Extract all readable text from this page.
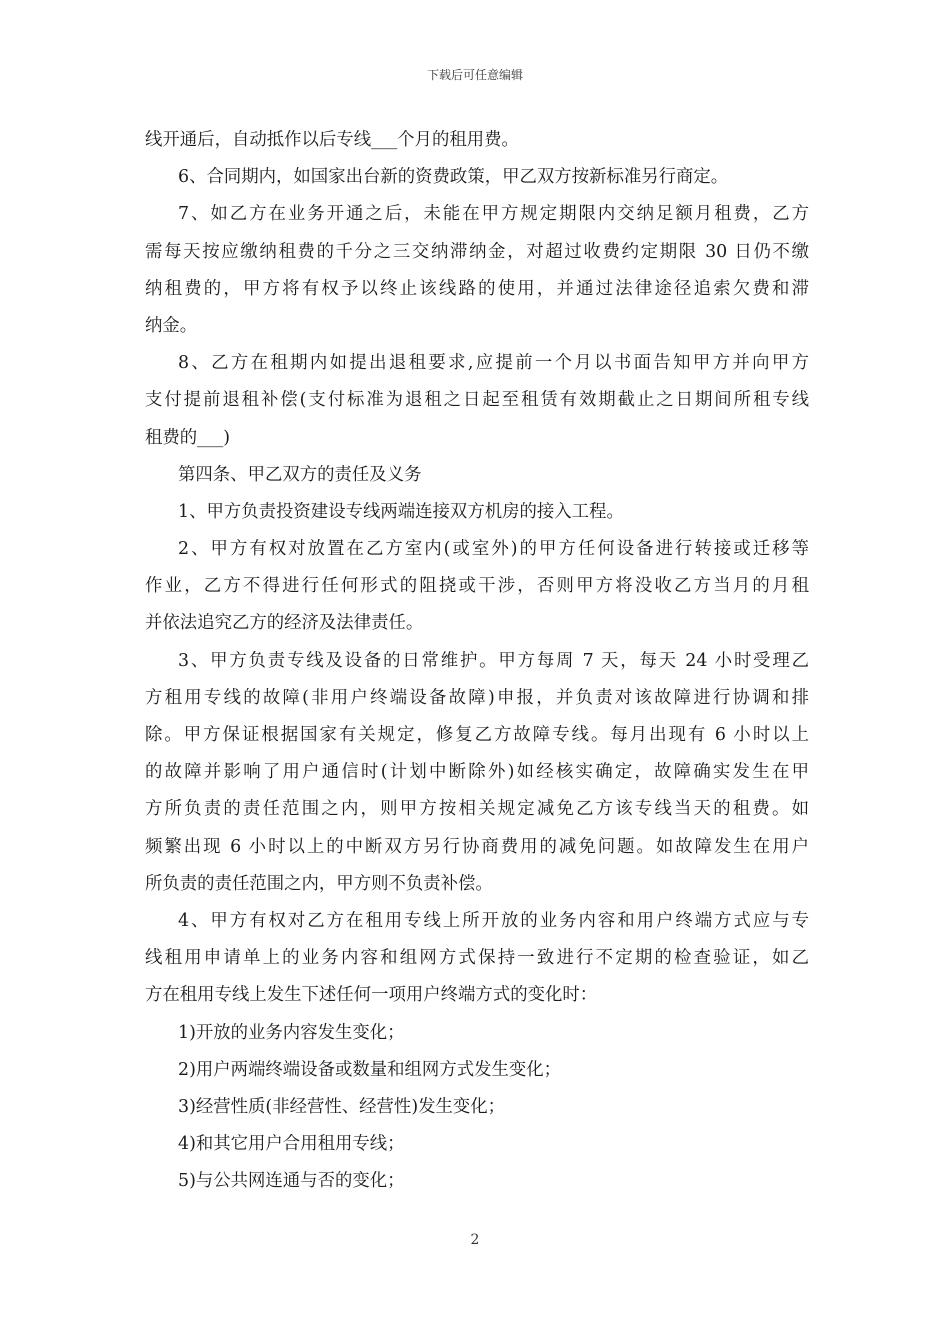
下载后可任意编辑
线开通后，自动抵作以后专线___个月的租用费。
6、合同期内，如国家出台新的资费政策，甲乙双方按新标准另行商定。
7、如乙方在业务开通之后，未能在甲方规定期限内交纳足额月租费，乙方
需每天按应缴纳租费的千分之三交纳滞纳金，对超过收费约定期限 30 日仍不缴
纳租费的，甲方将有权予以终止该线路的使用，并通过法律途径追索欠费和滞
纳金。
8、乙方在租期内如提出退租要求,应提前一个月以书面告知甲方并向甲方
支付提前退租补偿(支付标准为退租之日起至租赁有效期截止之日期间所租专线
租费的___)
第四条、甲乙双方的责任及义务
1、甲方负责投资建设专线两端连接双方机房的接入工程。
2、甲方有权对放置在乙方室内(或室外)的甲方任何设备进行转接或迁移等
作业，乙方不得进行任何形式的阻挠或干涉，否则甲方将没收乙方当月的月租
并依法追究乙方的经济及法律责任。
3、甲方负责专线及设备的日常维护。甲方每周 7 天，每天 24 小时受理乙
方租用专线的故障(非用户终端设备故障)申报，并负责对该故障进行协调和排
除。甲方保证根据国家有关规定，修复乙方故障专线。每月出现有 6 小时以上
的故障并影响了用户通信时(计划中断除外)如经核实确定，故障确实发生在甲
方所负责的责任范围之内，则甲方按相关规定减免乙方该专线当天的租费。如
频繁出现 6 小时以上的中断双方另行协商费用的减免问题。如故障发生在用户
所负责的责任范围之内，甲方则不负责补偿。
4、甲方有权对乙方在租用专线上所开放的业务内容和用户终端方式应与专
线租用申请单上的业务内容和组网方式保持一致进行不定期的检查验证，如乙
方在租用专线上发生下述任何一项用户终端方式的变化时：
1)开放的业务内容发生变化；
2)用户两端终端设备或数量和组网方式发生变化；
3)经营性质(非经营性、经营性)发生变化；
4)和其它用户合用租用专线；
5)与公共网连通与否的变化；
2
